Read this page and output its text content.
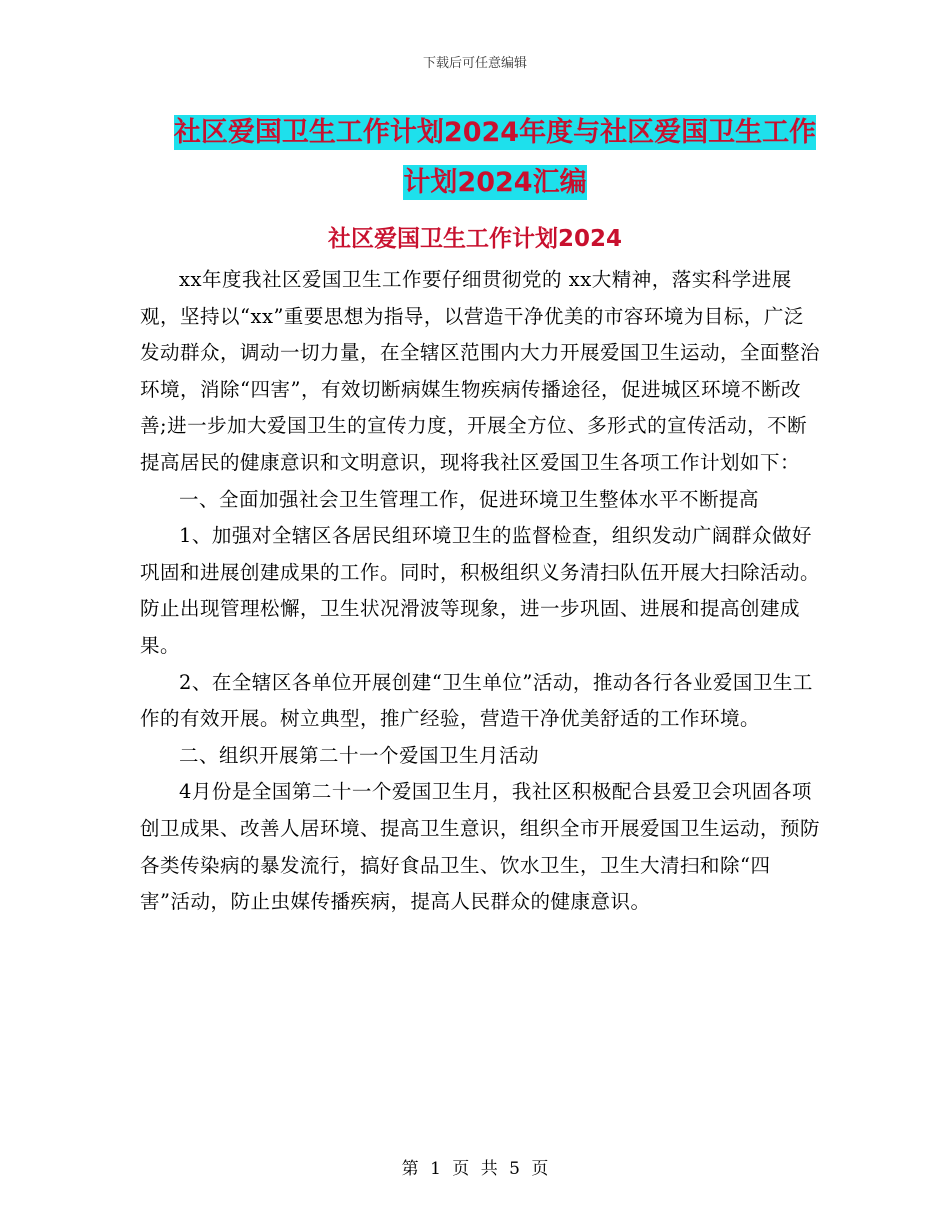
下载后可任意编辑
社区爱国卫生工作计划2024年度与社区爱国卫生工作
计划2024汇编
社区爱国卫生工作计划2024

xx年度我社区爱国卫生工作要仔细贯彻党的 xx大精神，落实科学进展观，坚持以“xx”重要思想为指导，以营造干净优美的市容环境为目标，广泛发动群众，调动一切力量，在全辖区范围内大力开展爱国卫生运动，全面整治环境，消除“四害”，有效切断病媒生物疾病传播途径，促进城区环境不断改善;进一步加大爱国卫生的宣传力度，开展全方位、多形式的宣传活动，不断提高居民的健康意识和文明意识，现将我社区爱国卫生各项工作计划如下：

一、全面加强社会卫生管理工作，促进环境卫生整体水平不断提高

1、加强对全辖区各居民组环境卫生的监督检查，组织发动广阔群众做好巩固和进展创建成果的工作。同时，积极组织义务清扫队伍开展大扫除活动。防止出现管理松懈，卫生状况滑波等现象，进一步巩固、进展和提高创建成果。

2、在全辖区各单位开展创建“卫生单位”活动，推动各行各业爱国卫生工作的有效开展。树立典型，推广经验，营造干净优美舒适的工作环境。

二、组织开展第二十一个爱国卫生月活动

4月份是全国第二十一个爱国卫生月，我社区积极配合县爱卫会巩固各项创卫成果、改善人居环境、提高卫生意识，组织全市开展爱国卫生运动，预防各类传染病的暴发流行，搞好食品卫生、饮水卫生，卫生大清扫和除“四害”活动，防止虫媒传播疾病，提高人民群众的健康意识。

第 1 页 共 5 页
